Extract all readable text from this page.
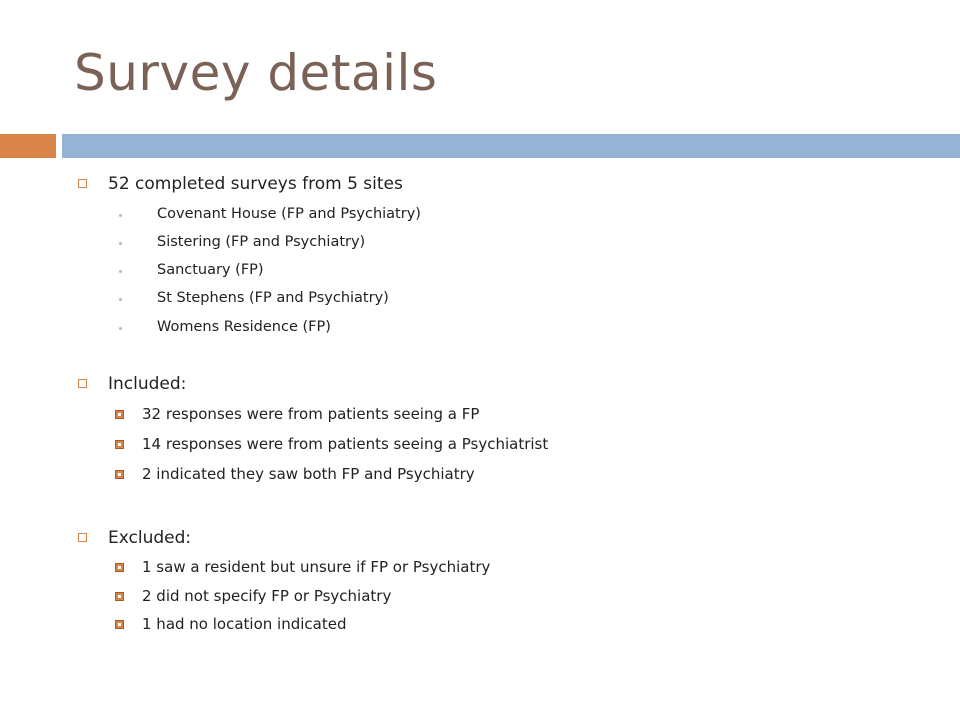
Survey details
52 completed surveys from 5 sites
Covenant House (FP and Psychiatry)
Sistering (FP and Psychiatry)
Sanctuary (FP)
St Stephens (FP and Psychiatry)
Womens Residence (FP)
Included:
32 responses were from patients seeing a FP
14 responses were from patients seeing a Psychiatrist
2 indicated they saw both FP and Psychiatry
Excluded:
1 saw a resident but unsure if FP or Psychiatry
2 did not specify FP or Psychiatry
1 had no location indicated
